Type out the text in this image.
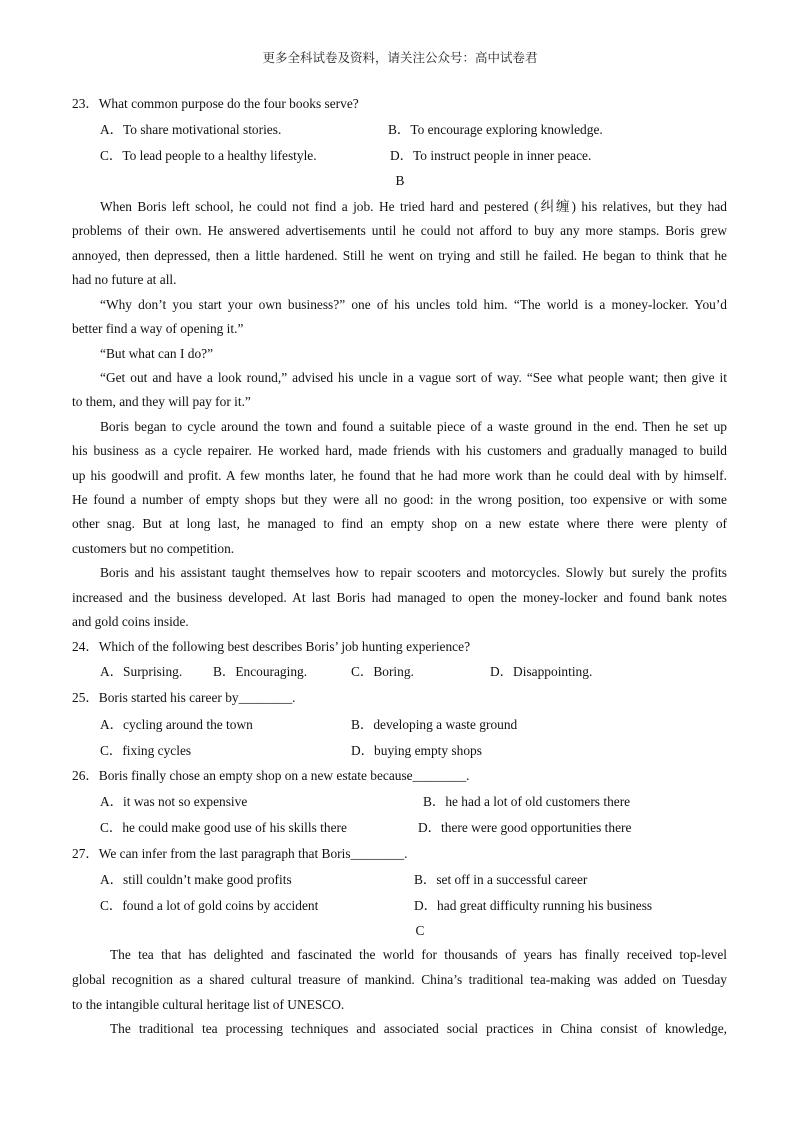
更多全科试卷及资料，请关注公众号：高中试卷君
23．What common purpose do the four books serve?
A．To share motivational stories.	B．To encourage exploring knowledge.
C．To lead people to a healthy lifestyle.	D．To instruct people in inner peace.
B
When Boris left school, he could not find a job. He tried hard and pestered (纠缠) his relatives, but they had
problems of their own. He answered advertisements until he could not afford to buy any more stamps. Boris grew
annoyed, then depressed, then a little hardened. Still he went on trying and still he failed. He began to think that he
had no future at all.
“Why don’t you start your own business?” one of his uncles told him. “The world is a money-locker. You’d
better find a way of opening it.”
“But what can I do?”
“Get out and have a look round,” advised his uncle in a vague sort of way. “See what people want; then give it
to them, and they will pay for it.”
Boris began to cycle around the town and found a suitable piece of a waste ground in the end. Then he set up
his business as a cycle repairer. He worked hard, made friends with his customers and gradually managed to build
up his goodwill and profit. A few months later, he found that he had more work than he could deal with by himself.
He found a number of empty shops but they were all no good: in the wrong position, too expensive or with some
other snag. But at long last, he managed to find an empty shop on a new estate where there were plenty of
customers but no competition.
Boris and his assistant taught themselves how to repair scooters and motorcycles. Slowly but surely the profits
increased and the business developed. At last Boris had managed to open the money-locker and found bank notes
and gold coins inside.
24．Which of the following best describes Boris’ job hunting experience?
A．Surprising. B．Encouraging.	C．Boring.	D．Disappointing.
25．Boris started his career by________.
A．cycling around the town	B．developing a waste ground
C．fixing cycles	D．buying empty shops
26．Boris finally chose an empty shop on a new estate because________.
A．it was not so expensive	B．he had a lot of old customers there
C．he could make good use of his skills there	D．there were good opportunities there
27．We can infer from the last paragraph that Boris________.
A．still couldn’t make good profits	B．set off in a successful career
C．found a lot of gold coins by accident	D．had great difficulty running his business
C
The tea that has delighted and fascinated the world for thousands of years has finally received top-level
global recognition as a shared cultural treasure of mankind. China’s traditional tea-making was added on Tuesday
to the intangible cultural heritage list of UNESCO.
The traditional tea processing techniques and associated social practices in China consist of knowledge,
